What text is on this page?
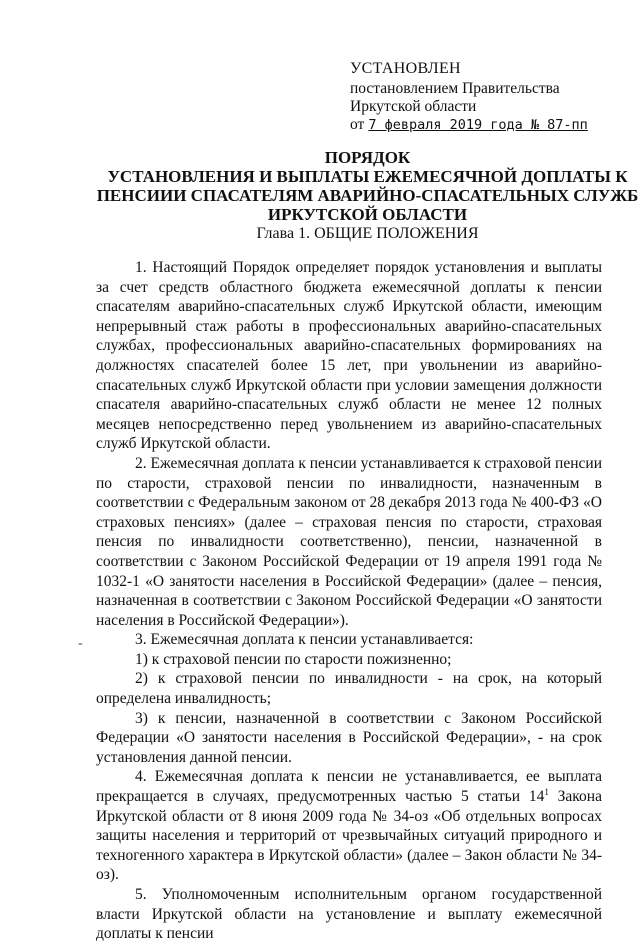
УСТАНОВЛЕН
постановлением Правительства
Иркутской области
от 7 февраля 2019 года № 87-пп
ПОРЯДОК
УСТАНОВЛЕНИЯ И ВЫПЛАТЫ ЕЖЕМЕСЯЧНОЙ ДОПЛАТЫ К
ПЕНСИИИ СПАСАТЕЛЯМ АВАРИЙНО-СПАСАТЕЛЬНЫХ СЛУЖБ
ИРКУТСКОЙ ОБЛАСТИ
Глава 1. ОБЩИЕ ПОЛОЖЕНИЯ
-

1. Настоящий Порядок определяет порядок установления и выплаты за счет средств областного бюджета ежемесячной доплаты к пенсии спасателям аварийно-спасательных служб Иркутской области, имеющим непрерывный стаж работы в профессиональных аварийно-спасательных службах, профессиональных аварийно-спасательных формированиях на должностях спасателей более 15 лет, при увольнении из аварийно-спасательных служб Иркутской области при условии замещения должности спасателя аварийно-спасательных служб области не менее 12 полных месяцев непосредственно перед увольнением из аварийно-спасательных служб Иркутской области.

2. Ежемесячная доплата к пенсии устанавливается к страховой пенсии по старости, страховой пенсии по инвалидности, назначенным в соответствии с Федеральным законом от 28 декабря 2013 года № 400-ФЗ «О страховых пенсиях» (далее – страховая пенсия по старости, страховая пенсия по инвалидности соответственно), пенсии, назначенной в соответствии с Законом Российской Федерации от 19 апреля 1991 года № 1032-1 «О занятости населения в Российской Федерации» (далее – пенсия, назначенная в соответствии с Законом Российской Федерации «О занятости населения в Российской Федерации»).

3. Ежемесячная доплата к пенсии устанавливается:

1) к страховой пенсии по старости пожизненно;

2) к страховой пенсии по инвалидности - на срок, на который определена инвалидность;

3) к пенсии, назначенной в соответствии с Законом Российской Федерации «О занятости населения в Российской Федерации», - на срок установления данной пенсии.

4. Ежемесячная доплата к пенсии не устанавливается, ее выплата прекращается в случаях, предусмотренных частью 5 статьи $14^1$ Закона Иркутской области от 8 июня 2009 года № 34-оз «Об отдельных вопросах защиты населения и территорий от чрезвычайных ситуаций природного и техногенного характера в Иркутской области» (далее – Закон области № 34-оз).

5. Уполномоченным исполнительным органом государственной власти Иркутской области на установление и выплату ежемесячной доплаты к пенсии
